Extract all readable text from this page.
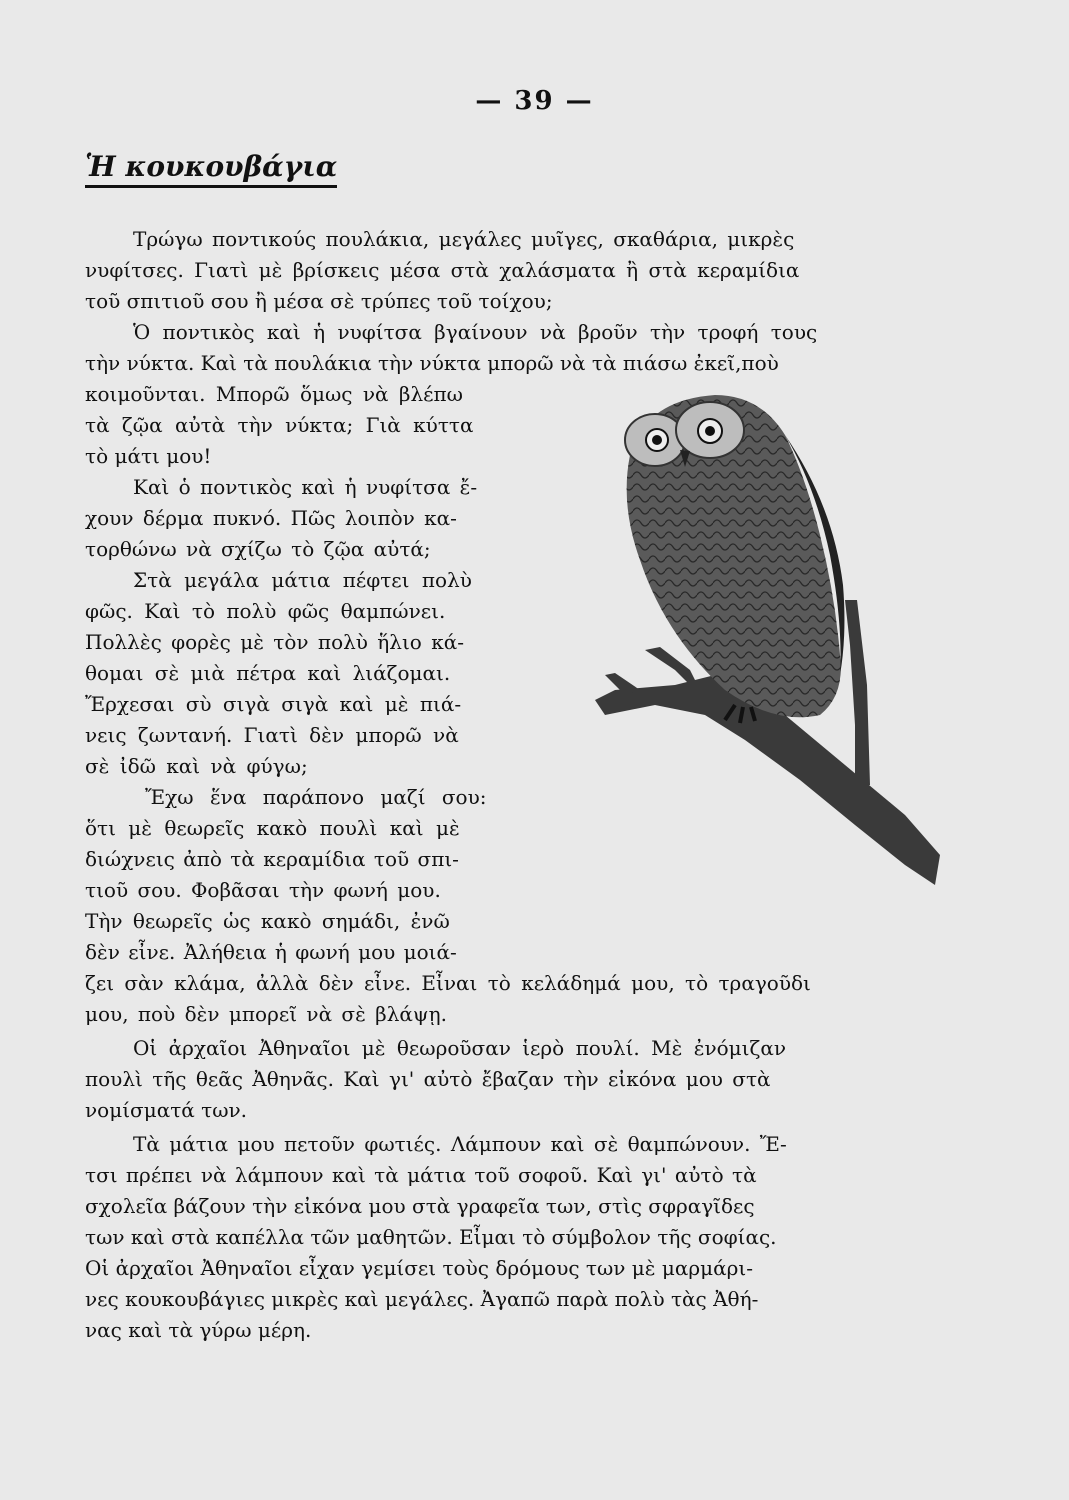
— 39 —
Ἡ κουκουβάγια
Τρώγω ποντικούς πουλάκια, μεγάλες μυῖγες, σκαθάρια, μικρὲς
νυφίτσες. Γιατὶ μὲ βρίσκεις μέσα στὰ χαλάσματα ἢ στὰ κεραμίδια
τοῦ σπιτιοῦ σου ἢ μέσα σὲ τρύπες τοῦ τοίχου;
Ὁ ποντικὸς καὶ ἡ νυφίτσα βγαίνουν νὰ βροῦν τὴν τροφή τους
τὴν νύκτα. Καὶ τὰ πουλάκια τὴν νύκτα μπορῶ νὰ τὰ πιάσω ἐκεῖ,ποὺ
κοιμοῦνται. Μπορῶ ὅμως νὰ βλέπω
τὰ ζῷα αὐτὰ τὴν νύκτα; Γιὰ κύττα
τὸ μάτι μου!
Καὶ ὁ ποντικὸς καὶ ἡ νυφίτσα ἔ-
χουν δέρμα πυκνό. Πῶς λοιπὸν κα-
τορθώνω νὰ σχίζω τὸ ζῷα αὐτά;
Στὰ μεγάλα μάτια πέφτει πολὺ
φῶς. Καὶ τὸ πολὺ φῶς θαμπώνει.
Πολλὲς φορὲς μὲ τὸν πολὺ ἥλιο κά-
θομαι σὲ μιὰ πέτρα καὶ λιάζομαι.
Ἔρχεσαι σὺ σιγὰ σιγὰ καὶ μὲ πιά-
νεις ζωντανή. Γιατὶ δὲν μπορῶ νὰ
σὲ ἰδῶ καὶ νὰ φύγω;
Ἔχω ἕνα παράπονο μαζί σου:
ὅτι μὲ θεωρεῖς κακὸ πουλὶ καὶ μὲ
διώχνεις ἀπὸ τὰ κεραμίδια τοῦ σπι-
τιοῦ σου. Φοβᾶσαι τὴν φωνή μου.
Τὴν θεωρεῖς ὡς κακὸ σημάδι, ἐνῶ
δὲν εἶνε. Ἀλήθεια ἡ φωνή μου μοιά-
ζει σὰν κλάμα, ἀλλὰ δὲν εἶνε. Εἶναι τὸ κελάδημά μου, τὸ τραγοῦδι
μου, ποὺ δὲν μπορεῖ νὰ σὲ βλάψῃ.
Οἱ ἀρχαῖοι Ἀθηναῖοι μὲ θεωροῦσαν ἱερὸ πουλί. Μὲ ἐνόμιζαν
πουλὶ τῆς θεᾶς Ἀθηνᾶς. Καὶ γι' αὐτὸ ἔβαζαν τὴν εἰκόνα μου στὰ
νομίσματά των.
Τὰ μάτια μου πετοῦν φωτιές. Λάμπουν καὶ σὲ θαμπώνουν. Ἔ-
τσι πρέπει νὰ λάμπουν καὶ τὰ μάτια τοῦ σοφοῦ. Καὶ γι' αὐτὸ τὰ
σχολεῖα βάζουν τὴν εἰκόνα μου στὰ γραφεῖα των, στὶς σφραγῖδες
των καὶ στὰ καπέλλα τῶν μαθητῶν. Εἶμαι τὸ σύμβολον τῆς σοφίας.
Οἱ ἀρχαῖοι Ἀθηναῖοι εἶχαν γεμίσει τοὺς δρόμους των μὲ μαρμάρι-
νες κουκουβάγιες μικρὲς καὶ μεγάλες. Ἀγαπῶ παρὰ πολὺ τὰς Ἀθή-
νας καὶ τὰ γύρω μέρη.
